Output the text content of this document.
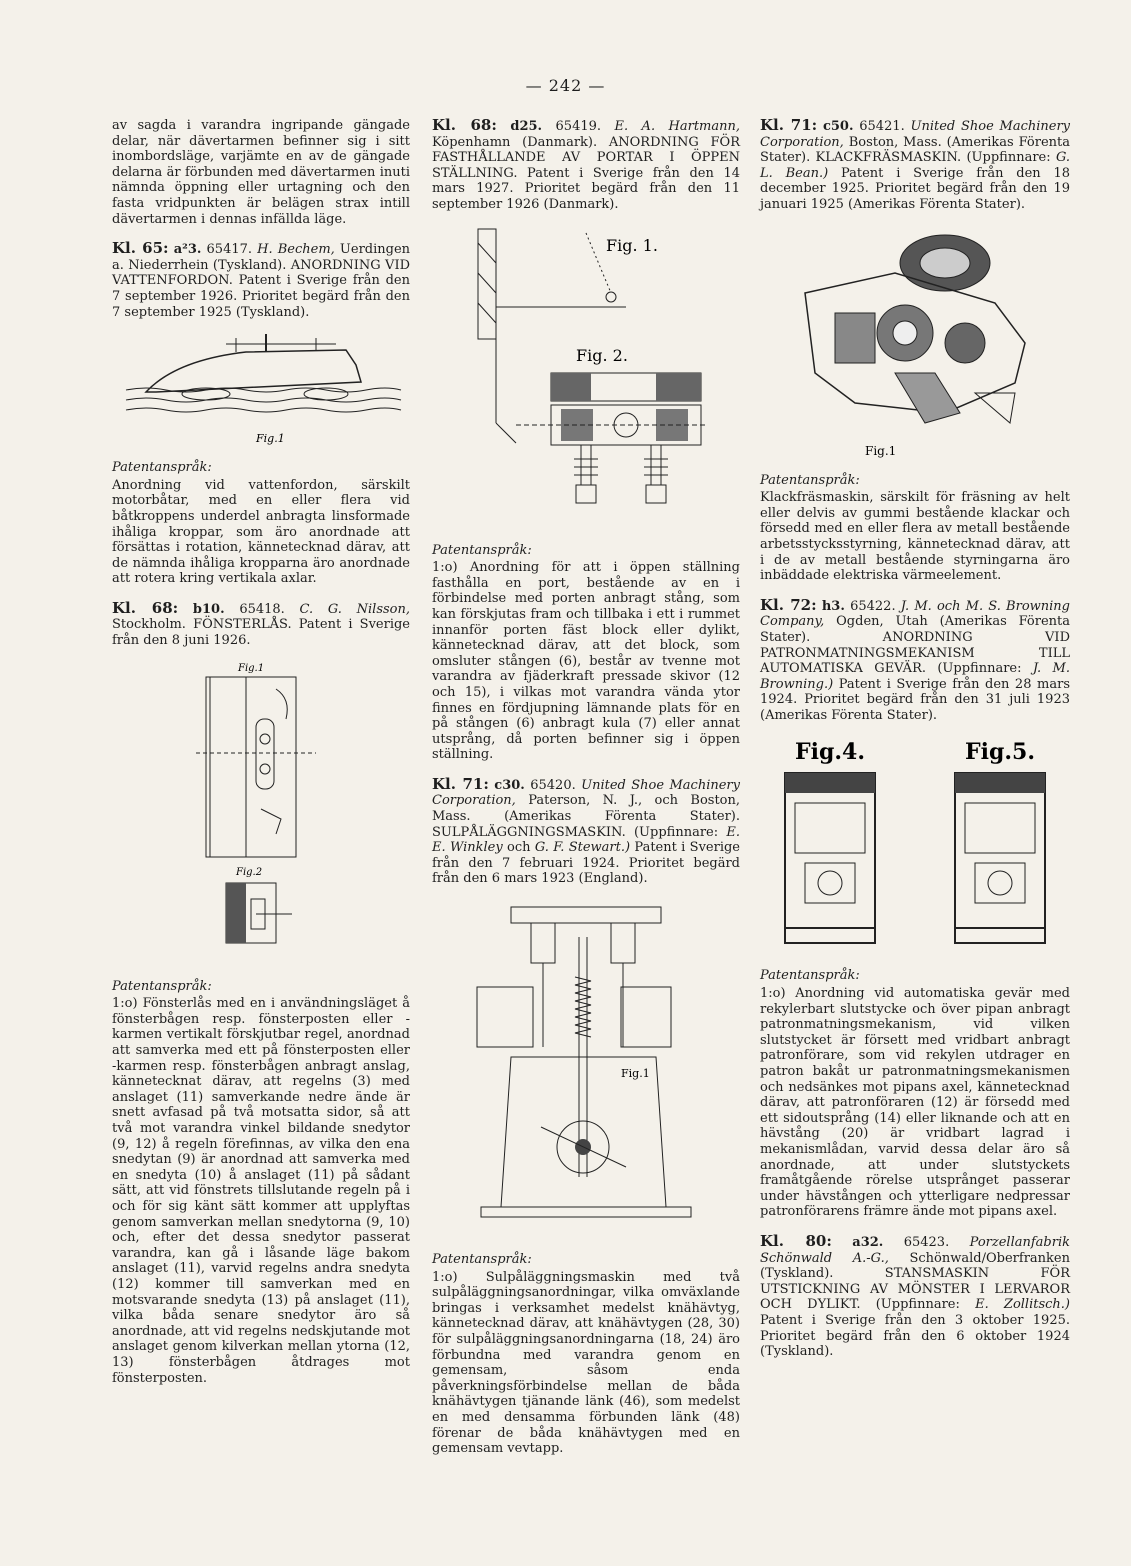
— 242 —

av sagda i varandra ingripande gängade delar, när dävertarmen befinner sig i sitt inombordsläge, varjämte en av de gängade delarna är förbunden med dävertarmen inuti nämnda öppning eller urtagning och den fasta vridpunkten är belägen strax intill dävertarmen i dennas infällda läge.

Kl. 65: a²3. 65417. H. Bechem, Uerdingen a. Niederrhein (Tyskland). ANORDNING VID VATTENFORDON. Patent i Sverige från den 7 september 1926. Prioritet begärd från den 7 september 1925 (Tyskland).

Fig.1

Patentanspråk:

Anordning vid vattenfordon, särskilt motorbåtar, med en eller flera vid båtkroppens underdel anbragta linsformade ihåliga kroppar, som äro anordnade att försättas i rotation, kännetecknad därav, att de nämnda ihåliga kropparna äro anordnade att rotera kring vertikala axlar.

Kl. 68: b10. 65418. C. G. Nilsson, Stockholm. FÖNSTERLÅS. Patent i Sverige från den 8 juni 1926.

Fig.1
Fig.2

Patentanspråk:

1:o) Fönsterlås med en i användningsläget å fönsterbågen resp. fönsterposten eller -karmen vertikalt förskjutbar regel, anordnad att samverka med ett på fönsterposten eller -karmen resp. fönsterbågen anbragt anslag, kännetecknat därav, att regelns (3) med anslaget (11) samverkande nedre ände är snett avfasad på två motsatta sidor, så att två mot varandra vinkel bildande snedytor (9, 12) å regeln förefinnas, av vilka den ena snedytan (9) är anordnad att samverka med en snedyta (10) å anslaget (11) på sådant sätt, att vid fönstrets tillslutande regeln på i och för sig känt sätt kommer att upplyftas genom samverkan mellan snedytorna (9, 10) och, efter det dessa snedytor passerat varandra, kan gå i låsande läge bakom anslaget (11), varvid regelns andra snedyta (12) kommer till samverkan med en motsvarande snedyta (13) på anslaget (11), vilka båda senare snedytor äro så anordnade, att vid regelns nedskjutande mot anslaget genom kilverkan mellan ytorna (12, 13) fönsterbågen åtdrages mot fönsterposten.

Kl. 68: d25. 65419. E. A. Hartmann, Köpenhamn (Danmark). ANORDNING FÖR FASTHÅLLANDE AV PORTAR I ÖPPEN STÄLLNING. Patent i Sverige från den 14 mars 1927. Prioritet begärd från den 11 september 1926 (Danmark).

Fig. 1.
Fig. 2.

Patentanspråk:

1:o) Anordning för att i öppen ställning fasthålla en port, bestående av en i förbindelse med porten anbragt stång, som kan förskjutas fram och tillbaka i ett i rummet innanför porten fäst block eller dylikt, kännetecknad därav, att det block, som omsluter stången (6), består av tvenne mot varandra av fjäderkraft pressade skivor (12 och 15), i vilkas mot varandra vända ytor finnes en fördjupning lämnande plats för en på stången (6) anbragt kula (7) eller annat utsprång, då porten befinner sig i öppen ställning.

Kl. 71: c30. 65420. United Shoe Machinery Corporation, Paterson, N. J., och Boston, Mass. (Amerikas Förenta Stater). SULPÅLÄGGNINGSMASKIN. (Uppfinnare: E. E. Winkley och G. F. Stewart.) Patent i Sverige från den 7 februari 1924. Prioritet begärd från den 6 mars 1923 (England).

Fig.1

Patentanspråk:

1:o) Sulpåläggningsmaskin med två sulpåläggningsanordningar, vilka omväxlande bringas i verksamhet medelst knähävtyg, kännetecknad därav, att knähävtygen (28, 30) för sulpåläggningsanordningarna (18, 24) äro förbundna med varandra genom en gemensam, såsom enda påverkningsförbindelse mellan de båda knähävtygen tjänande länk (46), som medelst en med densamma förbunden länk (48) förenar de båda knähävtygen med en gemensam vevtapp.

Kl. 71: c50. 65421. United Shoe Machinery Corporation, Boston, Mass. (Amerikas Förenta Stater). KLACKFRÄSMASKIN. (Uppfinnare: G. L. Bean.) Patent i Sverige från den 18 december 1925. Prioritet begärd från den 19 januari 1925 (Amerikas Förenta Stater).

Fig.1

Patentanspråk:

Klackfräsmaskin, särskilt för fräsning av helt eller delvis av gummi bestående klackar och försedd med en eller flera av metall bestående arbetsstycksstyrning, kännetecknad därav, att i de av metall bestående styrningarna äro inbäddade elektriska värmeelement.

Kl. 72: h3. 65422. J. M. och M. S. Browning Company, Ogden, Utah (Amerikas Förenta Stater). ANORDNING VID PATRONMATNINGSMEKANISM TILL AUTOMATISKA GEVÄR. (Uppfinnare: J. M. Browning.) Patent i Sverige från den 28 mars 1924. Prioritet begärd från den 31 juli 1923 (Amerikas Förenta Stater).

Fig.4.	Fig.5.

Patentanspråk:

1:o) Anordning vid automatiska gevär med rekylerbart slutstycke och över pipan anbragt patronmatningsmekanism, vid vilken slutstycket är försett med vridbart anbragt patronförare, som vid rekylen utdrager en patron bakåt ur patronmatningsmekanismen och nedsänkes mot pipans axel, kännetecknad därav, att patronföraren (12) är försedd med ett sidoutsprång (14) eller liknande och att en hävstång (20) är vridbart lagrad i mekanismlådan, varvid dessa delar äro så anordnade, att under slutstyckets framåtgående rörelse utsprånget passerar under hävstången och ytterligare nedpressar patronförarens främre ände mot pipans axel.

Kl. 80: a32. 65423. Porzellanfabrik Schönwald A.-G., Schönwald/Oberfranken (Tyskland). STANSMASKIN FÖR UTSTICKNING AV MÖNSTER I LERVAROR OCH DYLIKT. (Uppfinnare: E. Zollitsch.) Patent i Sverige från den 3 oktober 1925. Prioritet begärd från den 6 oktober 1924 (Tyskland).
